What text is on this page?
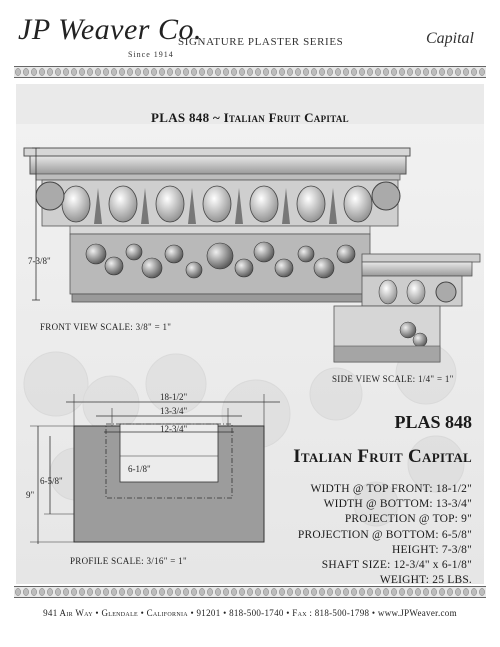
JP Weaver Co.
Since 1914
SIGNATURE PLASTER SERIES	Capital
PLAS 848 ~ Italian Fruit Capital
7-3/8"
FRONT VIEW SCALE: 3/8" = 1"
SIDE VIEW SCALE: 1/4" = 1"
PROFILE SCALE: 3/16" = 1"
18-1/2"
13-3/4"
12-3/4"
6-1/8"
6-5/8"
9"
PLAS 848
Italian Fruit Capital
WIDTH @ TOP FRONT: 18-1/2"
WIDTH @ BOTTOM: 13-3/4"
PROJECTION @ TOP: 9"
PROJECTION @ BOTTOM: 6-5/8"
HEIGHT: 7-3/8"
SHAFT SIZE: 12-3/4" x 6-1/8"
WEIGHT: 25 LBS.
941 Air Way • Glendale • California • 91201 • 818-500-1740 • Fax : 818-500-1798 • www.JPWeaver.com
